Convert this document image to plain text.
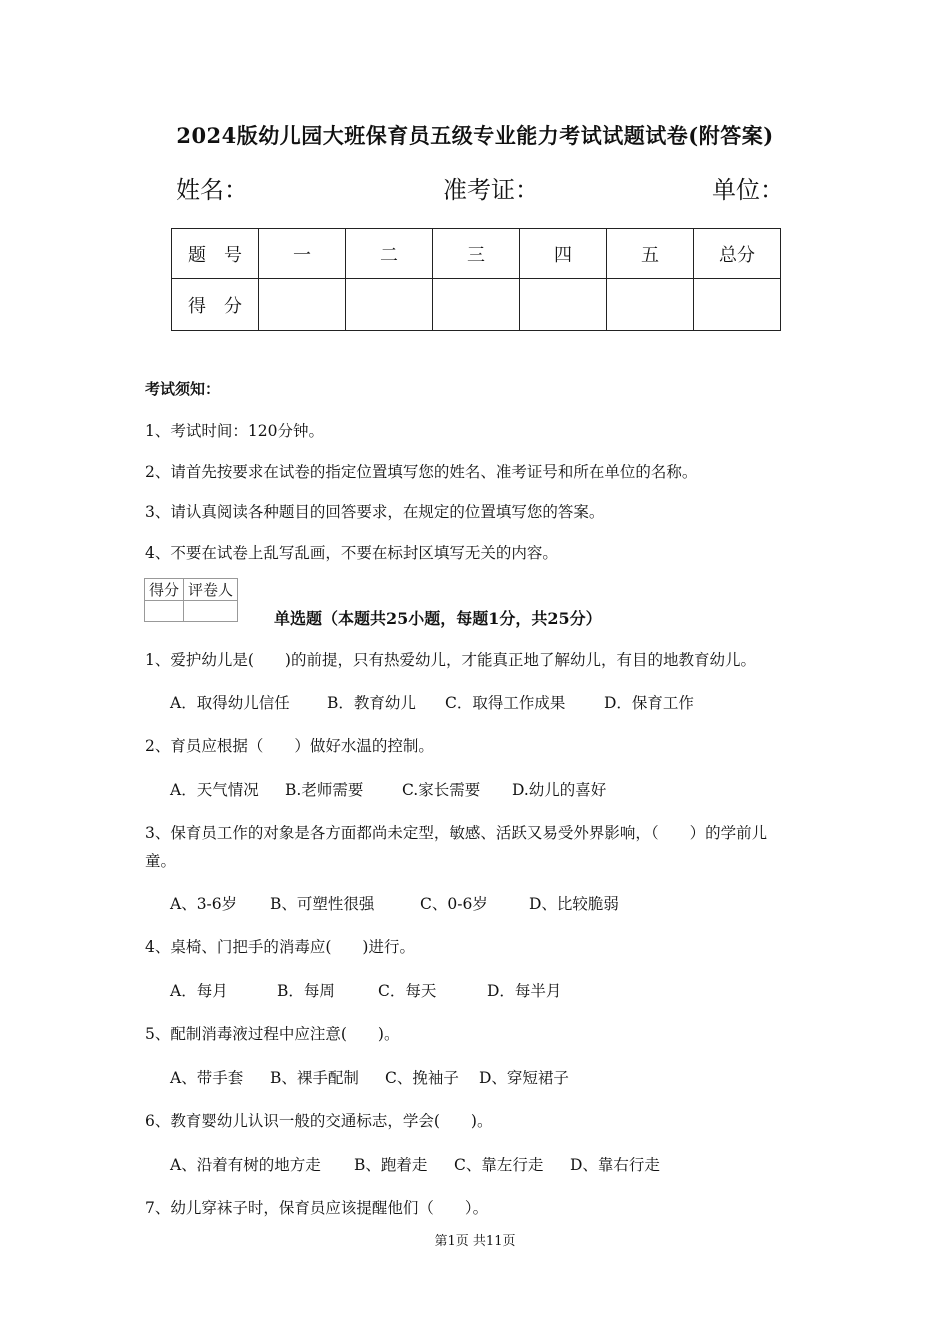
2024版幼儿园大班保育员五级专业能力考试试题试卷(附答案)
姓名：	准考证：	单位：
题　号	一	二	三	四	五	总分
得　分						
考试须知：
1、考试时间：120分钟。
2、请首先按要求在试卷的指定位置填写您的姓名、准考证号和所在单位的名称。
3、请认真阅读各种题目的回答要求，在规定的位置填写您的答案。
4、不要在试卷上乱写乱画，不要在标封区填写无关的内容。
得分	评卷人

单选题（本题共25小题，每题1分，共25分）
1、爱护幼儿是(　　)的前提，只有热爱幼儿，才能真正地了解幼儿，有目的地教育幼儿。
A．取得幼儿信任 B．教育幼儿 C．取得工作成果 D．保育工作
2、育员应根据（　　）做好水温的控制。
A．天气情况 B.老师需要 C.家长需要 D.幼儿的喜好
3、保育员工作的对象是各方面都尚未定型，敏感、活跃又易受外界影响，（　　）的学前儿
童。
A、3-6岁 B、可塑性很强	C、0-6岁	D、比较脆弱
4、桌椅、门把手的消毒应(　　)进行。
A．每月	B．每周	C．每天	D．每半月
5、配制消毒液过程中应注意(　　)。
A、带手套 B、裸手配制 C、挽袖子 D、穿短裙子
6、教育婴幼儿认识一般的交通标志，学会(　　)。
A、沿着有树的地方走 B、跑着走 C、靠左行走 D、靠右行走
7、幼儿穿袜子时，保育员应该提醒他们（　　）。
第1页 共11页
